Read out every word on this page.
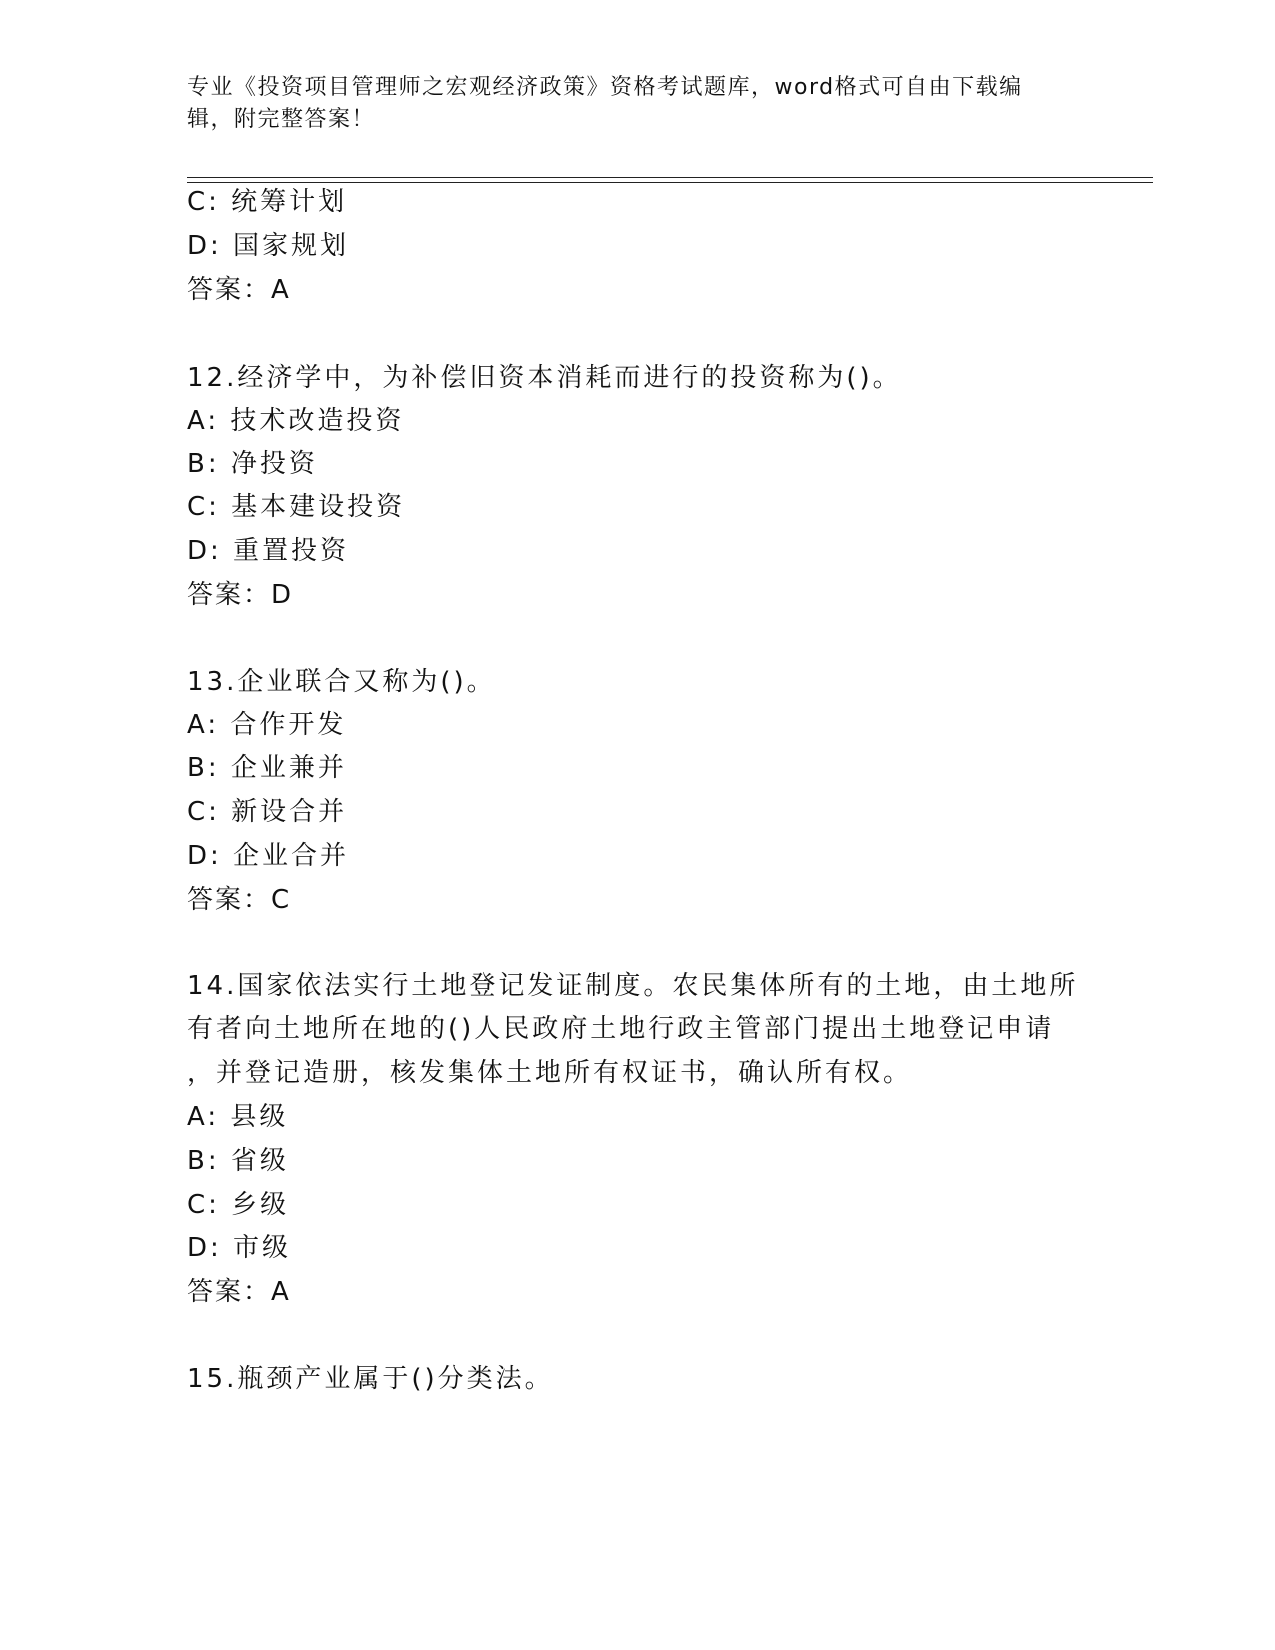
专业《投资项目管理师之宏观经济政策》资格考试题库，word格式可自由下载编
辑，附完整答案！
C: 统筹计划
D: 国家规划
答案：A
12.经济学中，为补偿旧资本消耗而进行的投资称为()。
A: 技术改造投资
B: 净投资
C: 基本建设投资
D: 重置投资
答案：D
13.企业联合又称为()。
A: 合作开发
B: 企业兼并
C: 新设合并
D: 企业合并
答案：C
14.国家依法实行土地登记发证制度。农民集体所有的土地，由土地所
有者向土地所在地的()人民政府土地行政主管部门提出土地登记申请
，并登记造册，核发集体土地所有权证书，确认所有权。
A: 县级
B: 省级
C: 乡级
D: 市级
答案：A
15.瓶颈产业属于()分类法。
